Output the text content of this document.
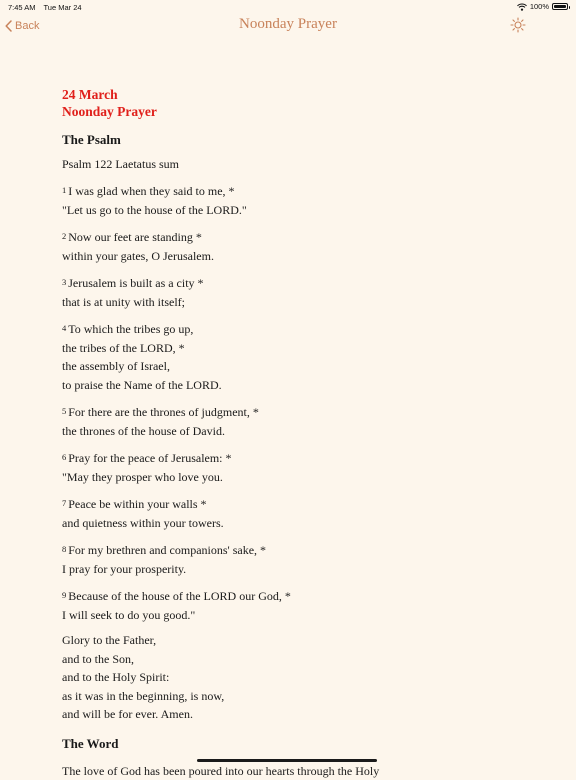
7:45 AM Tue Mar 24	100%
Back	Noonday Prayer
24 March
Noonday Prayer
The Psalm
Psalm 122 Laetatus sum
$^1$ I was glad when they said to me, *
"Let us go to the house of the LORD."
$^2$ Now our feet are standing *
within your gates, O Jerusalem.
$^3$ Jerusalem is built as a city *
that is at unity with itself;
$^4$ To which the tribes go up,
the tribes of the LORD, *
the assembly of Israel,
to praise the Name of the LORD.
$^5$ For there are the thrones of judgment, *
the thrones of the house of David.
$^6$ Pray for the peace of Jerusalem: *
"May they prosper who love you.
$^7$ Peace be within your walls *
and quietness within your towers.
$^8$ For my brethren and companions' sake, *
I pray for your prosperity.
$^9$ Because of the house of the LORD our God, *
I will seek to do you good."
Glory to the Father,
and to the Son,
and to the Holy Spirit:
as it was in the beginning, is now,
and will be for ever. Amen.
The Word
The love of God has been poured into our hearts through the Holy
